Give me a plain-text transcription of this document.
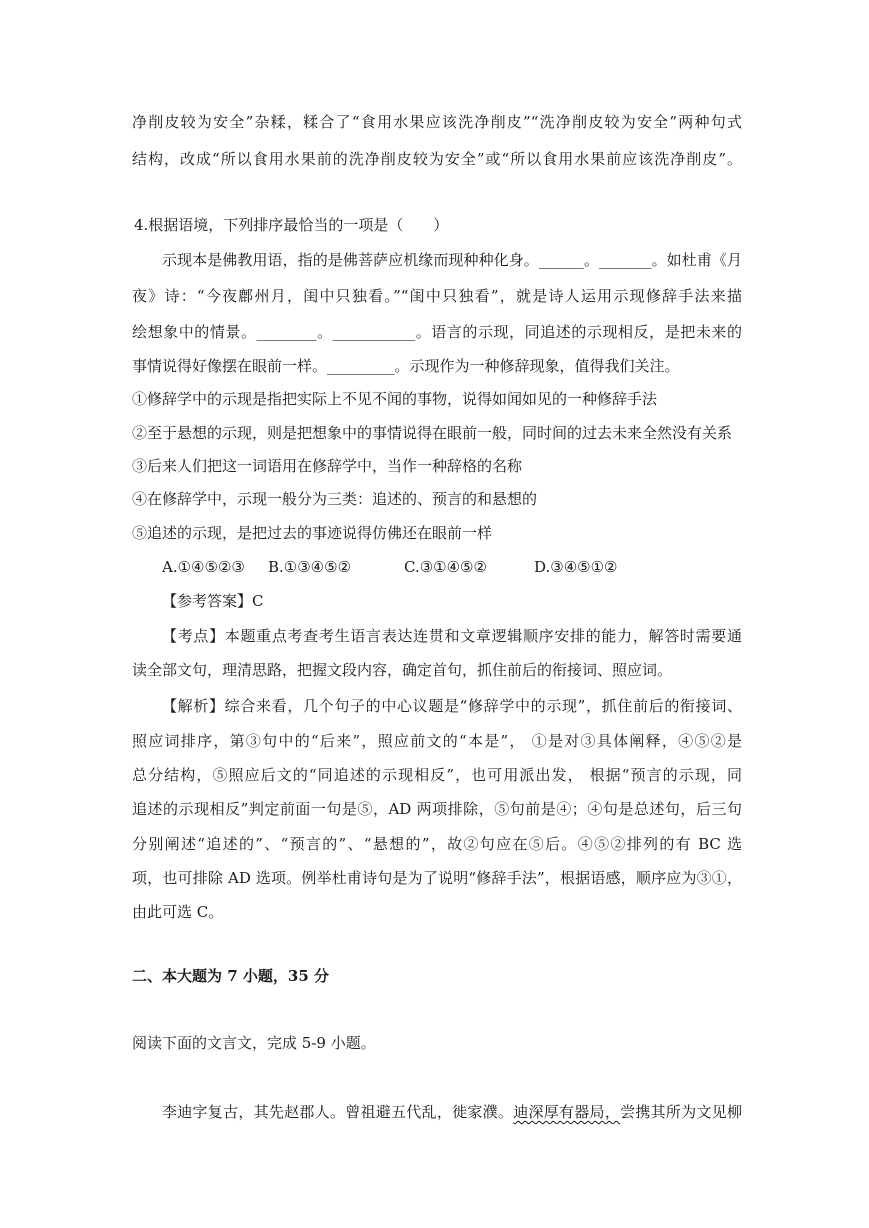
净削皮较为安全”杂糅，糅合了“食用水果应该洗净削皮”“洗净削皮较为安全”两种句式
结构，改成“所以食用水果前的洗净削皮较为安全”或“所以食用水果前应该洗净削皮”。
4.根据语境，下列排序最恰当的一项是（　　）
示现本是佛教用语，指的是佛菩萨应机缘而现种种化身。______。_______。如杜甫《月
夜》诗：“今夜鄜州月，闺中只独看。”“闺中只独看”，就是诗人运用示现修辞手法来描
绘想象中的情景。________。___________。语言的示现，同追述的示现相反，是把未来的
事情说得好像摆在眼前一样。_________。示现作为一种修辞现象，值得我们关注。
①修辞学中的示现是指把实际上不见不闻的事物，说得如闻如见的一种修辞手法
②至于悬想的示现，则是把想象中的事情说得在眼前一般，同时间的过去未来全然没有关系
③后来人们把这一词语用在修辞学中，当作一种辞格的名称
④在修辞学中，示现一般分为三类：追述的、预言的和悬想的
⑤追述的示现，是把过去的事迹说得仿佛还在眼前一样
A.①④⑤②③ B.①③④⑤②	C.③①④⑤②	D.③④⑤①②
【参考答案】C
【考点】本题重点考查考生语言表达连贯和文章逻辑顺序安排的能力，解答时需要通
读全部文句，理清思路，把握文段内容，确定首句，抓住前后的衔接词、照应词。
【解析】综合来看，几个句子的中心议题是“修辞学中的示现”，抓住前后的衔接词、
照应词排序，第③句中的“后来”，照应前文的“本是”， ①是对③具体阐释，④⑤②是
总分结构，⑤照应后文的“同追述的示现相反”，也可用派出发， 根据“预言的示现，同
追述的示现相反”判定前面一句是⑤，AD 两项排除，⑤句前是④；④句是总述句，后三句
分别阐述“追述的”、“预言的”、“悬想的”，故②句应在⑤后。④⑤②排列的有 BC 选
项，也可排除 AD 选项。例举杜甫诗句是为了说明“修辞手法”，根据语感，顺序应为③①，
由此可选 C。
二、本大题为 7 小题，35 分
阅读下面的文言文，完成 5-9 小题。
李迪字复古，其先赵郡人。曾祖避五代乱，徙家濮。迪深厚有器局，尝携其所为文见柳
